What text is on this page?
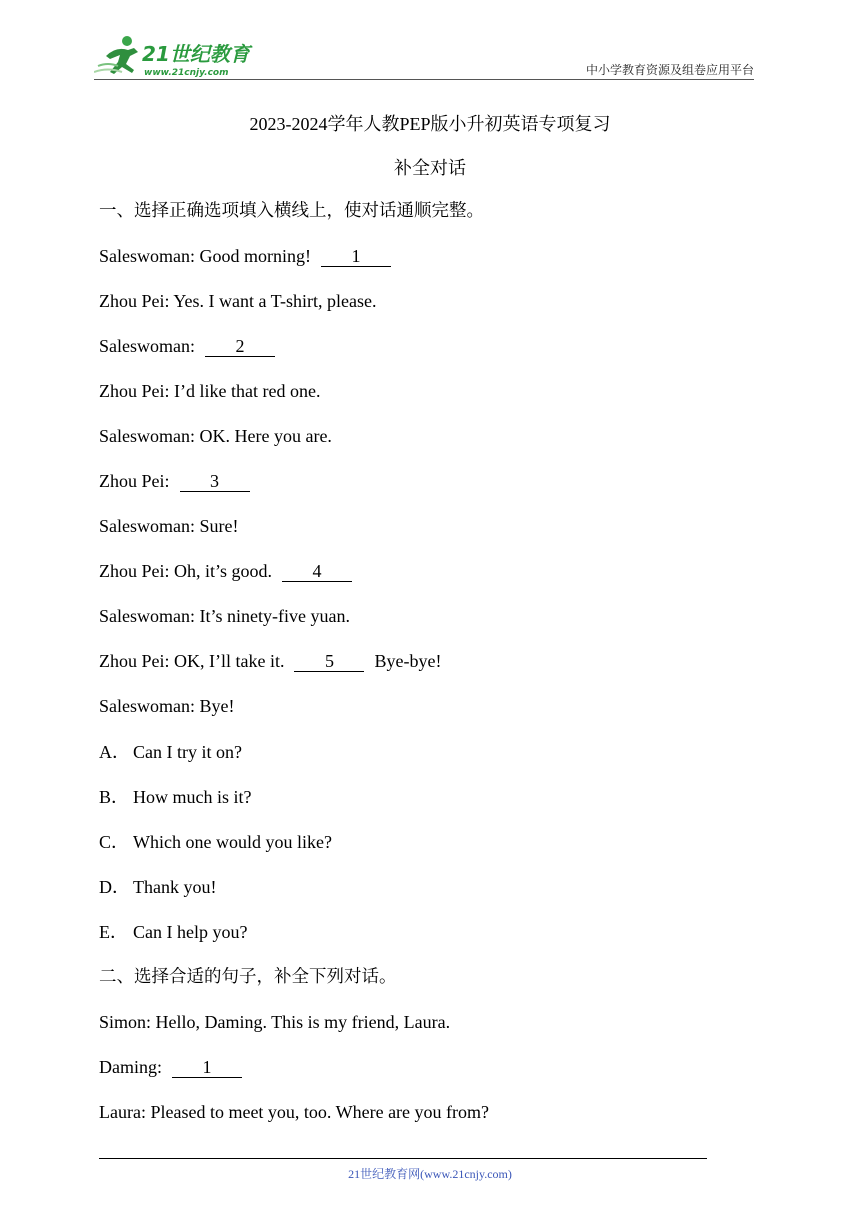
21世纪教育
www.21cnjy.com	中小学教育资源及组卷应用平台
2023-2024学年人教PEP版小升初英语专项复习
补全对话
一、选择正确选项填入横线上，使对话通顺完整。
Saleswoman: Good morning! 1
Zhou Pei: Yes. I want a T-shirt, please.
Saleswoman: 2
Zhou Pei: I’d like that red one.
Saleswoman: OK. Here you are.
Zhou Pei: 3
Saleswoman: Sure!
Zhou Pei: Oh, it’s good. 4
Saleswoman: It’s ninety-five yuan.
Zhou Pei: OK, I’ll take it. 5 Bye-bye!
Saleswoman: Bye!
A． Can I try it on?
B． How much is it?
C． Which one would you like?
D． Thank you!
E． Can I help you?
二、选择合适的句子，补全下列对话。
Simon: Hello, Daming. This is my friend, Laura.
Daming: 1
Laura: Pleased to meet you, too. Where are you from?
21世纪教育网(www.21cnjy.com)
